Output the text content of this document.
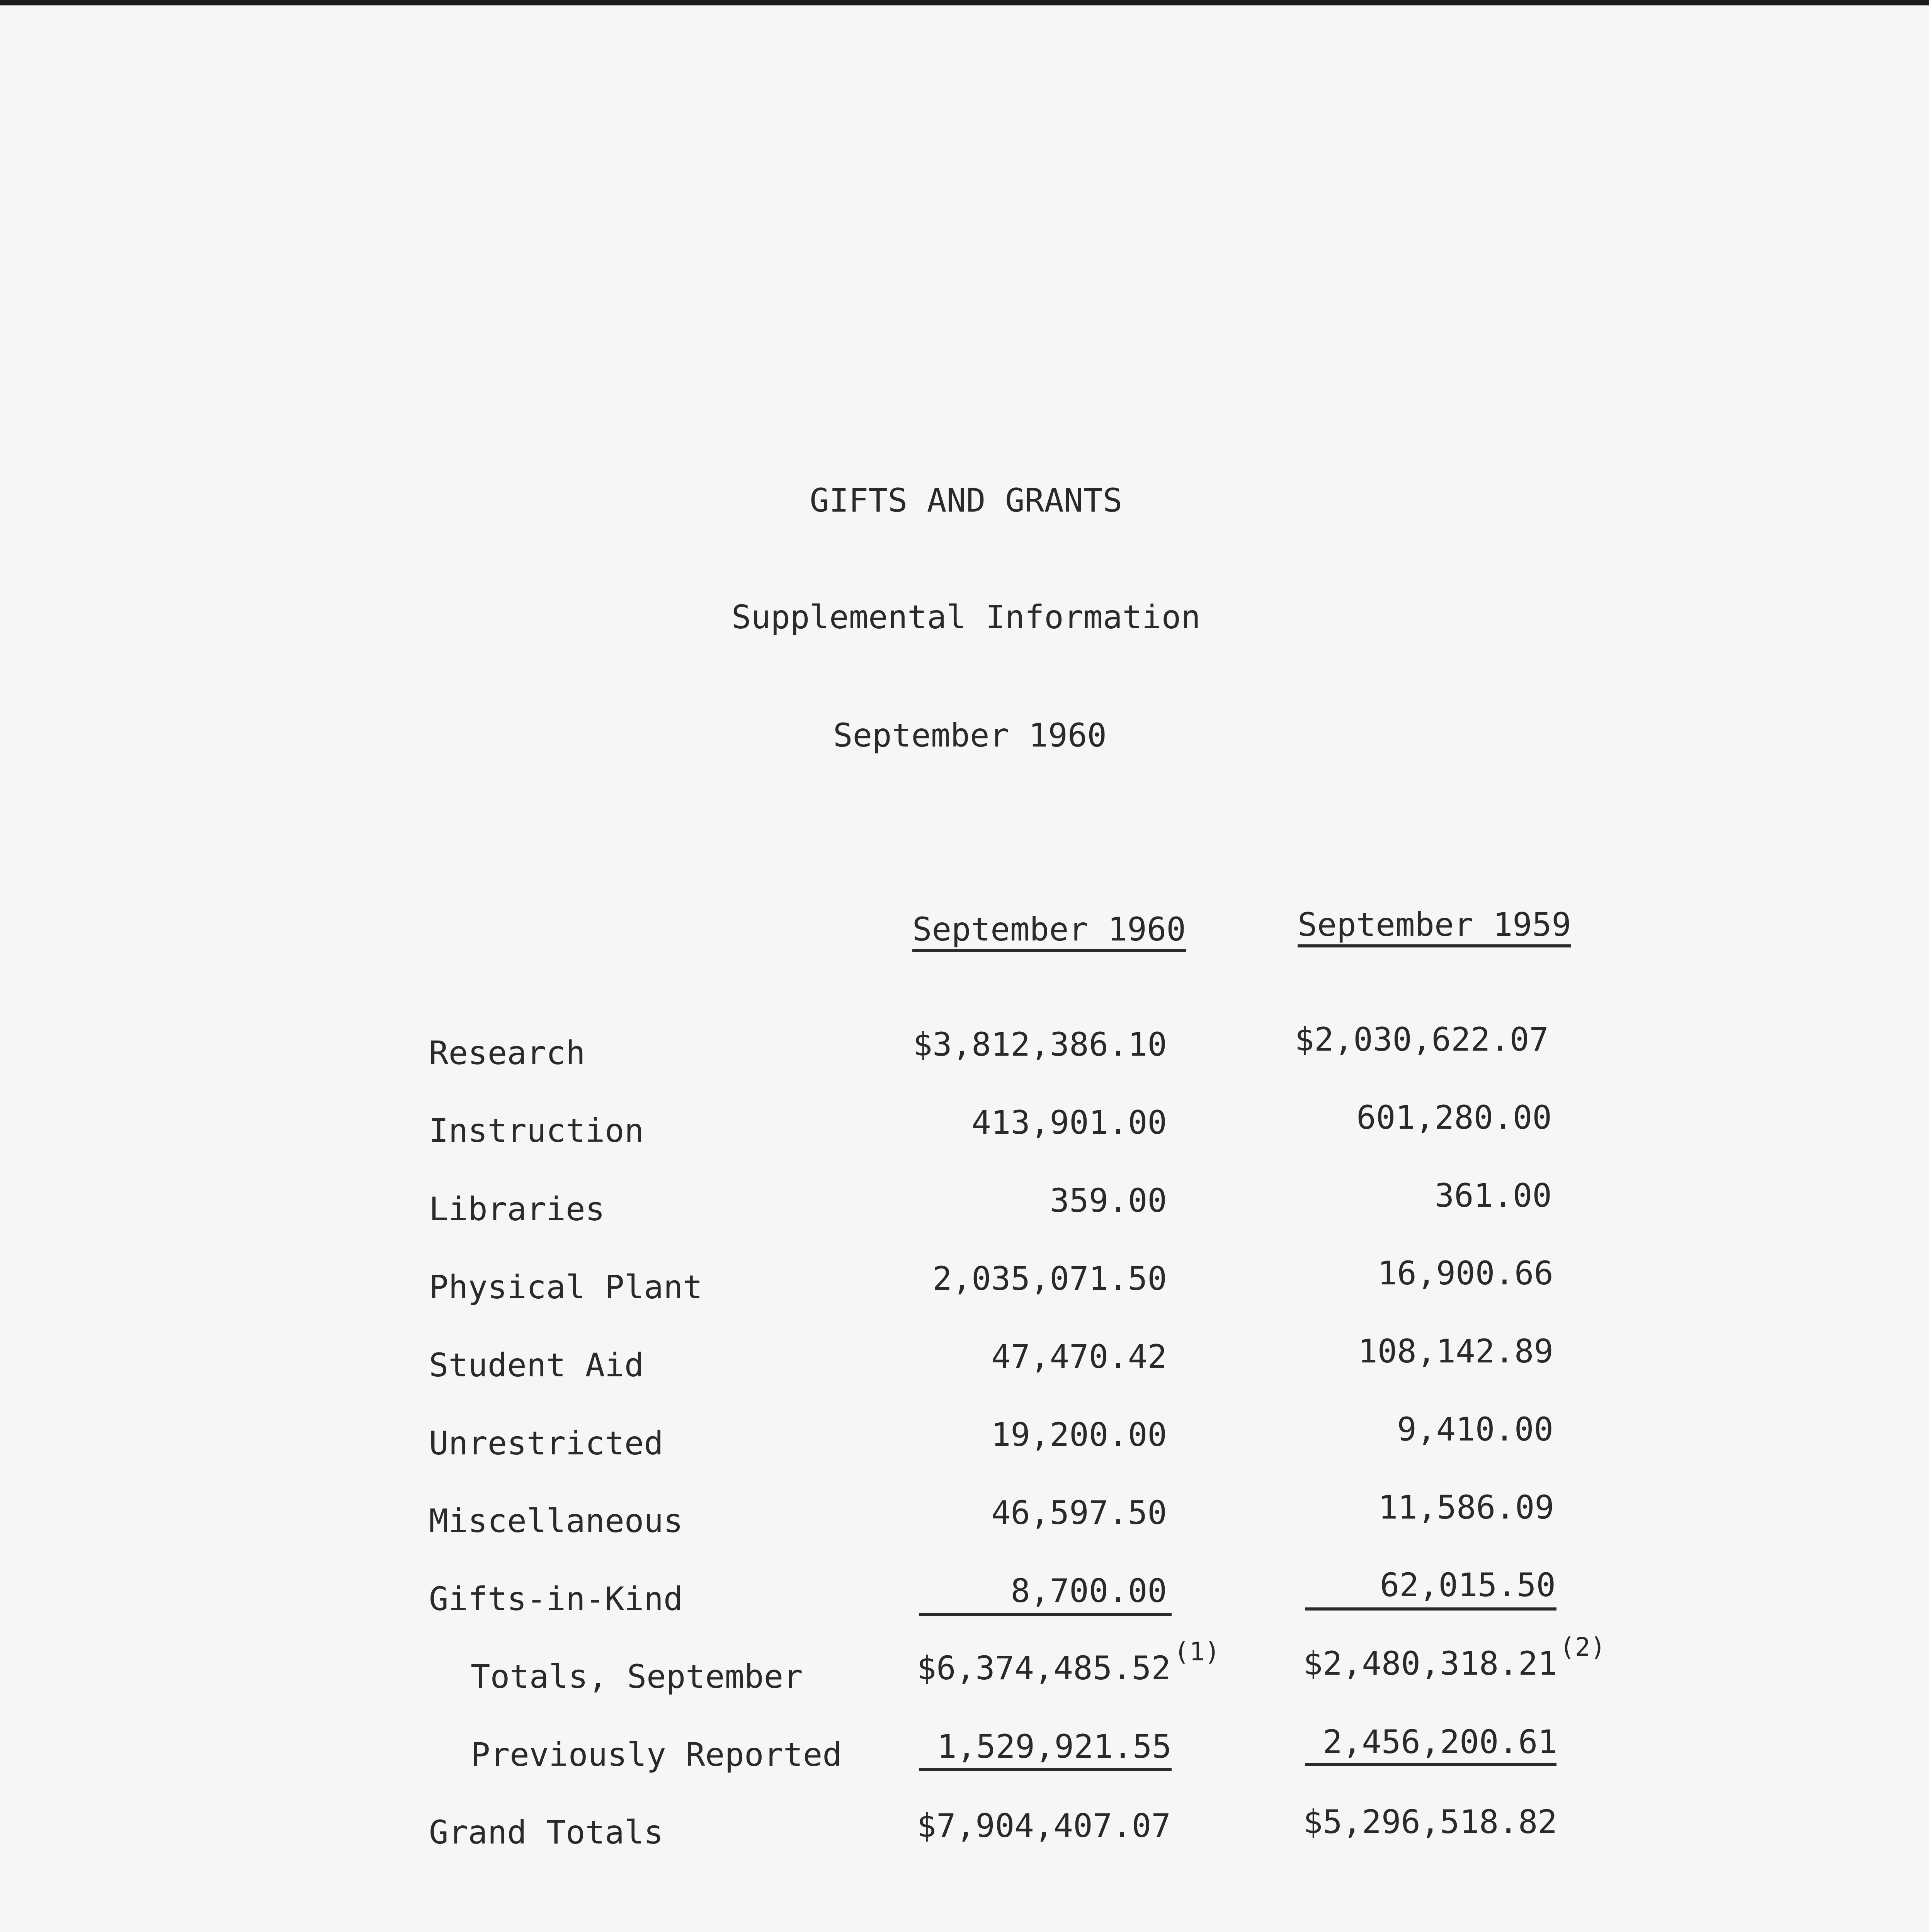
GIFTS AND GRANTS
Supplemental Information
September 1960
September 1960	September 1959
Research
Instruction
Libraries
Physical Plant
Student Aid
Unrestricted
Miscellaneous
Gifts-in-Kind
Totals, September
Previously Reported
Grand Totals
$3,812,386.10
413,901.00
359.00
2,035,071.50
47,470.42
19,200.00
46,597.50
8,700.00
$6,374,485.52 (1)
1,529,921.55
$7,904,407.07
$2,030,622.07
601,280.00
361.00
16,900.66
108,142.89
9,410.00
11,586.09
62,015.50
$2,480,318.21 (2)
2,456,200.61
$5,296,518.82
